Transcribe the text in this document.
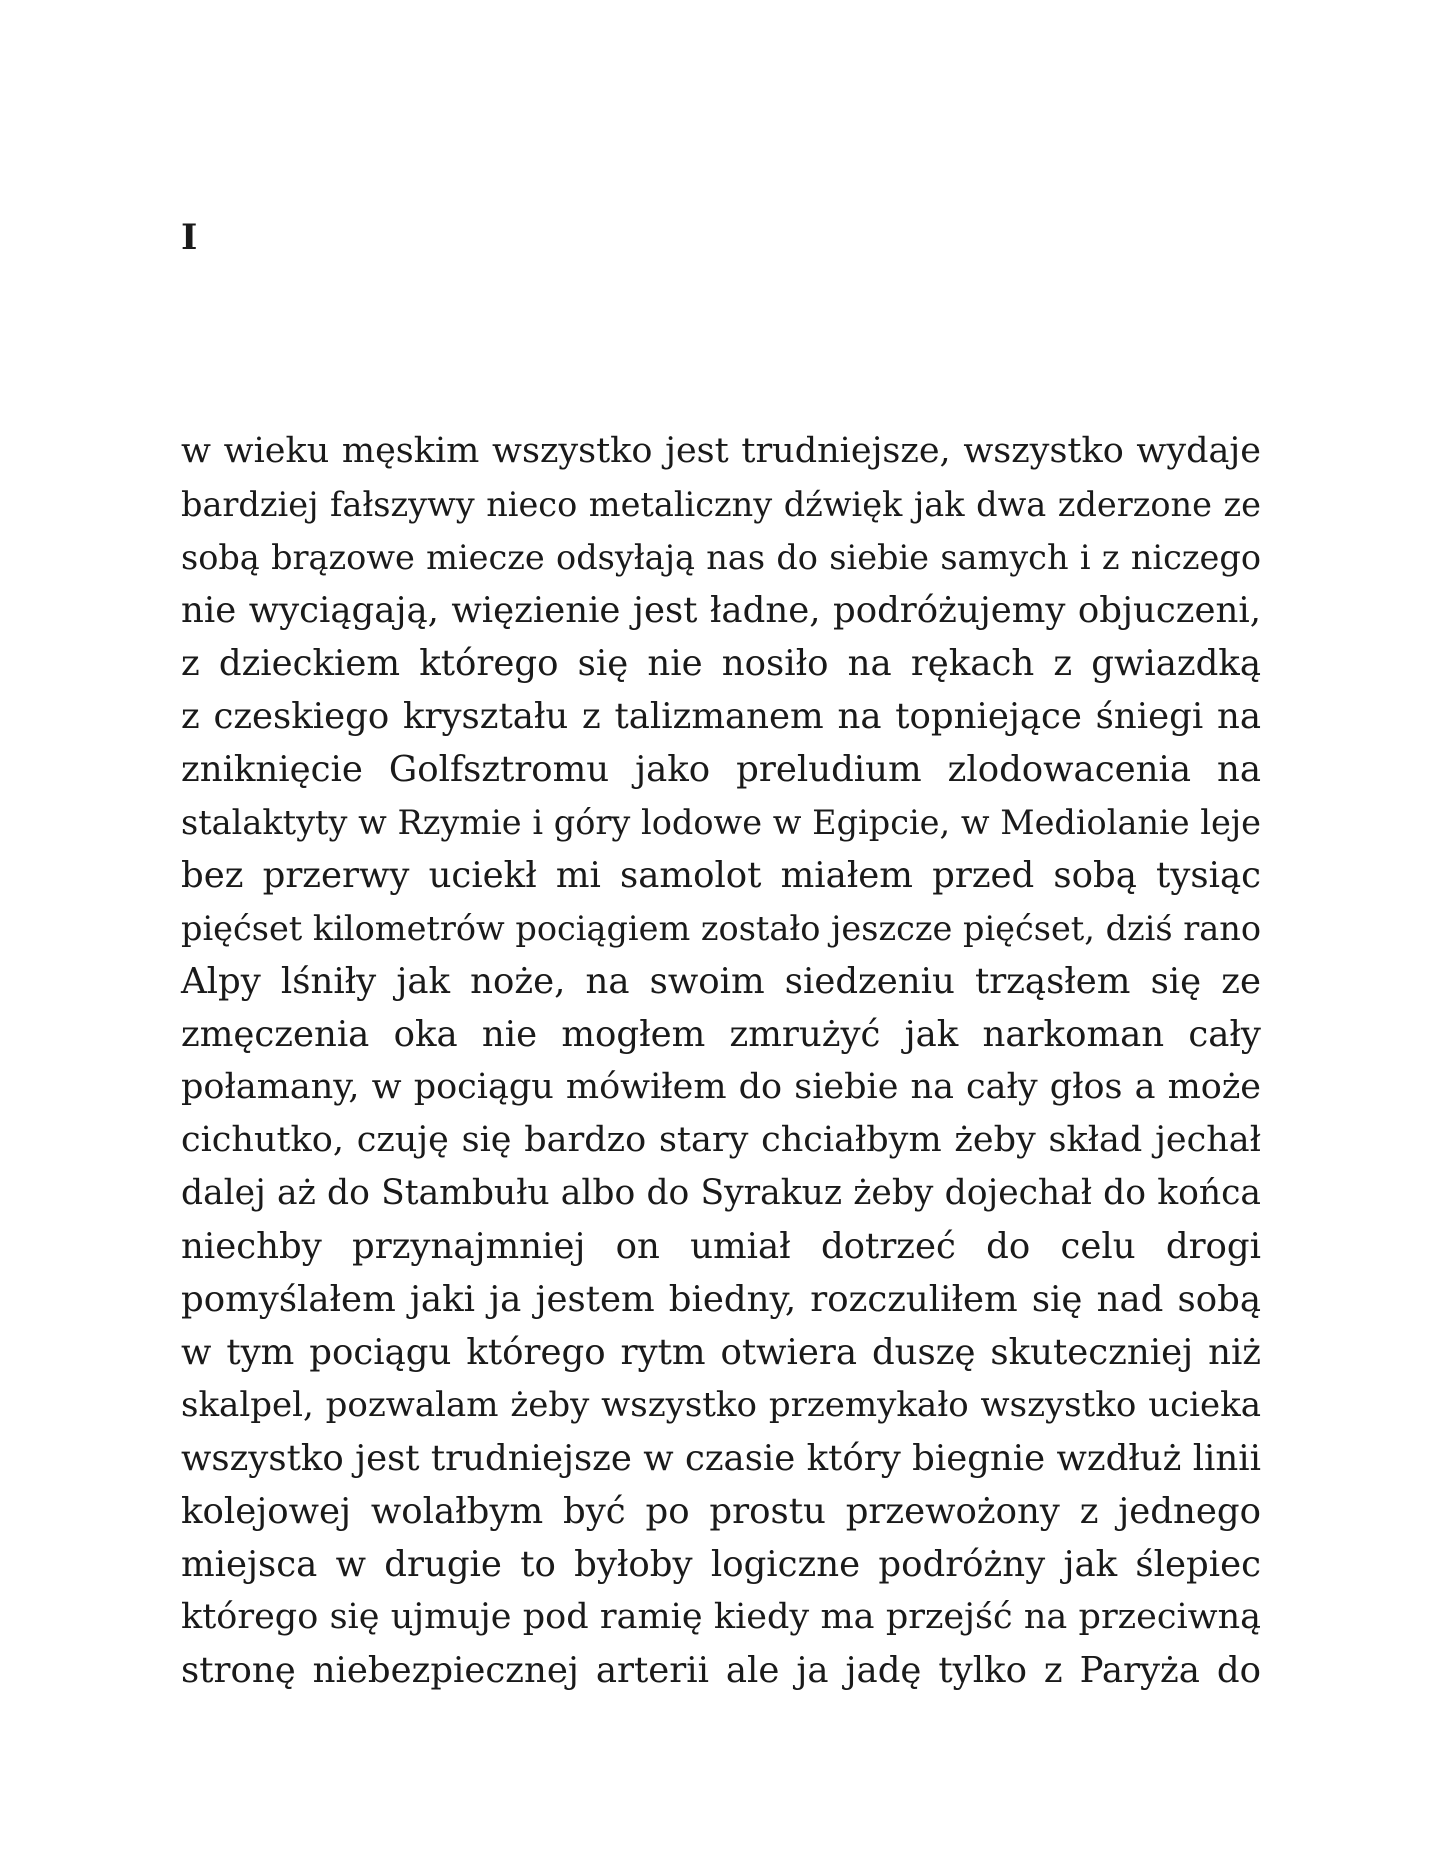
I
w wieku męskim wszystko jest trudniejsze, wszystko wydaje
bardziej fałszywy nieco metaliczny dźwięk jak dwa zderzone ze
sobą brązowe miecze odsyłają nas do siebie samych i z niczego
nie wyciągają, więzienie jest ładne, podróżujemy objuczeni,
z dzieckiem którego się nie nosiło na rękach z gwiazdką
z czeskiego kryształu z talizmanem na topniejące śniegi na
zniknięcie Golfsztromu jako preludium zlodowacenia na
stalaktyty w Rzymie i góry lodowe w Egipcie, w Mediolanie leje
bez przerwy uciekł mi samolot miałem przed sobą tysiąc
pięćset kilometrów pociągiem zostało jeszcze pięćset, dziś rano
Alpy lśniły jak noże, na swoim siedzeniu trząsłem się ze
zmęczenia oka nie mogłem zmrużyć jak narkoman cały
połamany, w pociągu mówiłem do siebie na cały głos a może
cichutko, czuję się bardzo stary chciałbym żeby skład jechał
dalej aż do Stambułu albo do Syrakuz żeby dojechał do końca
niechby przynajmniej on umiał dotrzeć do celu drogi
pomyślałem jaki ja jestem biedny, rozczuliłem się nad sobą
w tym pociągu którego rytm otwiera duszę skuteczniej niż
skalpel, pozwalam żeby wszystko przemykało wszystko ucieka
wszystko jest trudniejsze w czasie który biegnie wzdłuż linii
kolejowej wolałbym być po prostu przewożony z jednego
miejsca w drugie to byłoby logiczne podróżny jak ślepiec
którego się ujmuje pod ramię kiedy ma przejść na przeciwną
stronę niebezpiecznej arterii ale ja jadę tylko z Paryża do
